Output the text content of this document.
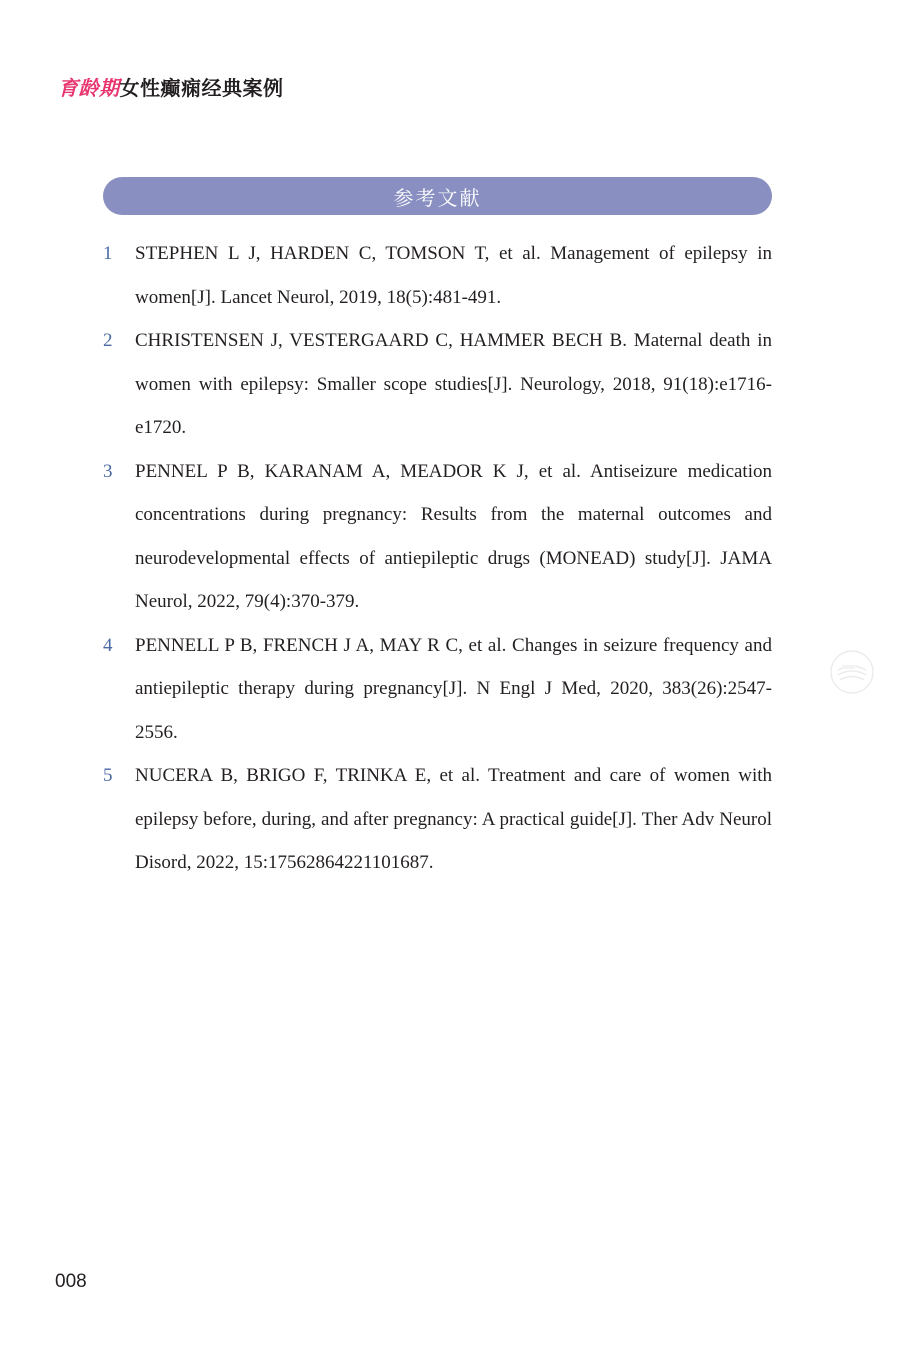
育龄期女性癫痫经典案例
参考文献
1	STEPHEN L J, HARDEN C, TOMSON T, et al. Management of epilepsy in women[J]. Lancet Neurol, 2019, 18(5):481-491.
2	CHRISTENSEN J, VESTERGAARD C, HAMMER BECH B. Maternal death in women with epilepsy: Smaller scope studies[J]. Neurology, 2018, 91(18):e1716-e1720.
3	PENNEL P B, KARANAM A, MEADOR K J, et al. Antiseizure medication concentrations during pregnancy: Results from the maternal outcomes and neurodevelopmental effects of antiepileptic drugs (MONEAD) study[J]. JAMA Neurol, 2022, 79(4):370-379.
4	PENNELL P B, FRENCH J A, MAY R C, et al. Changes in seizure frequency and antiepileptic therapy during pregnancy[J]. N Engl J Med, 2020, 383(26):2547-2556.
5	NUCERA B, BRIGO F, TRINKA E, et al. Treatment and care of women with epilepsy before, during, and after pregnancy: A practical guide[J]. Ther Adv Neurol Disord, 2022, 15:17562864221101687.
008
